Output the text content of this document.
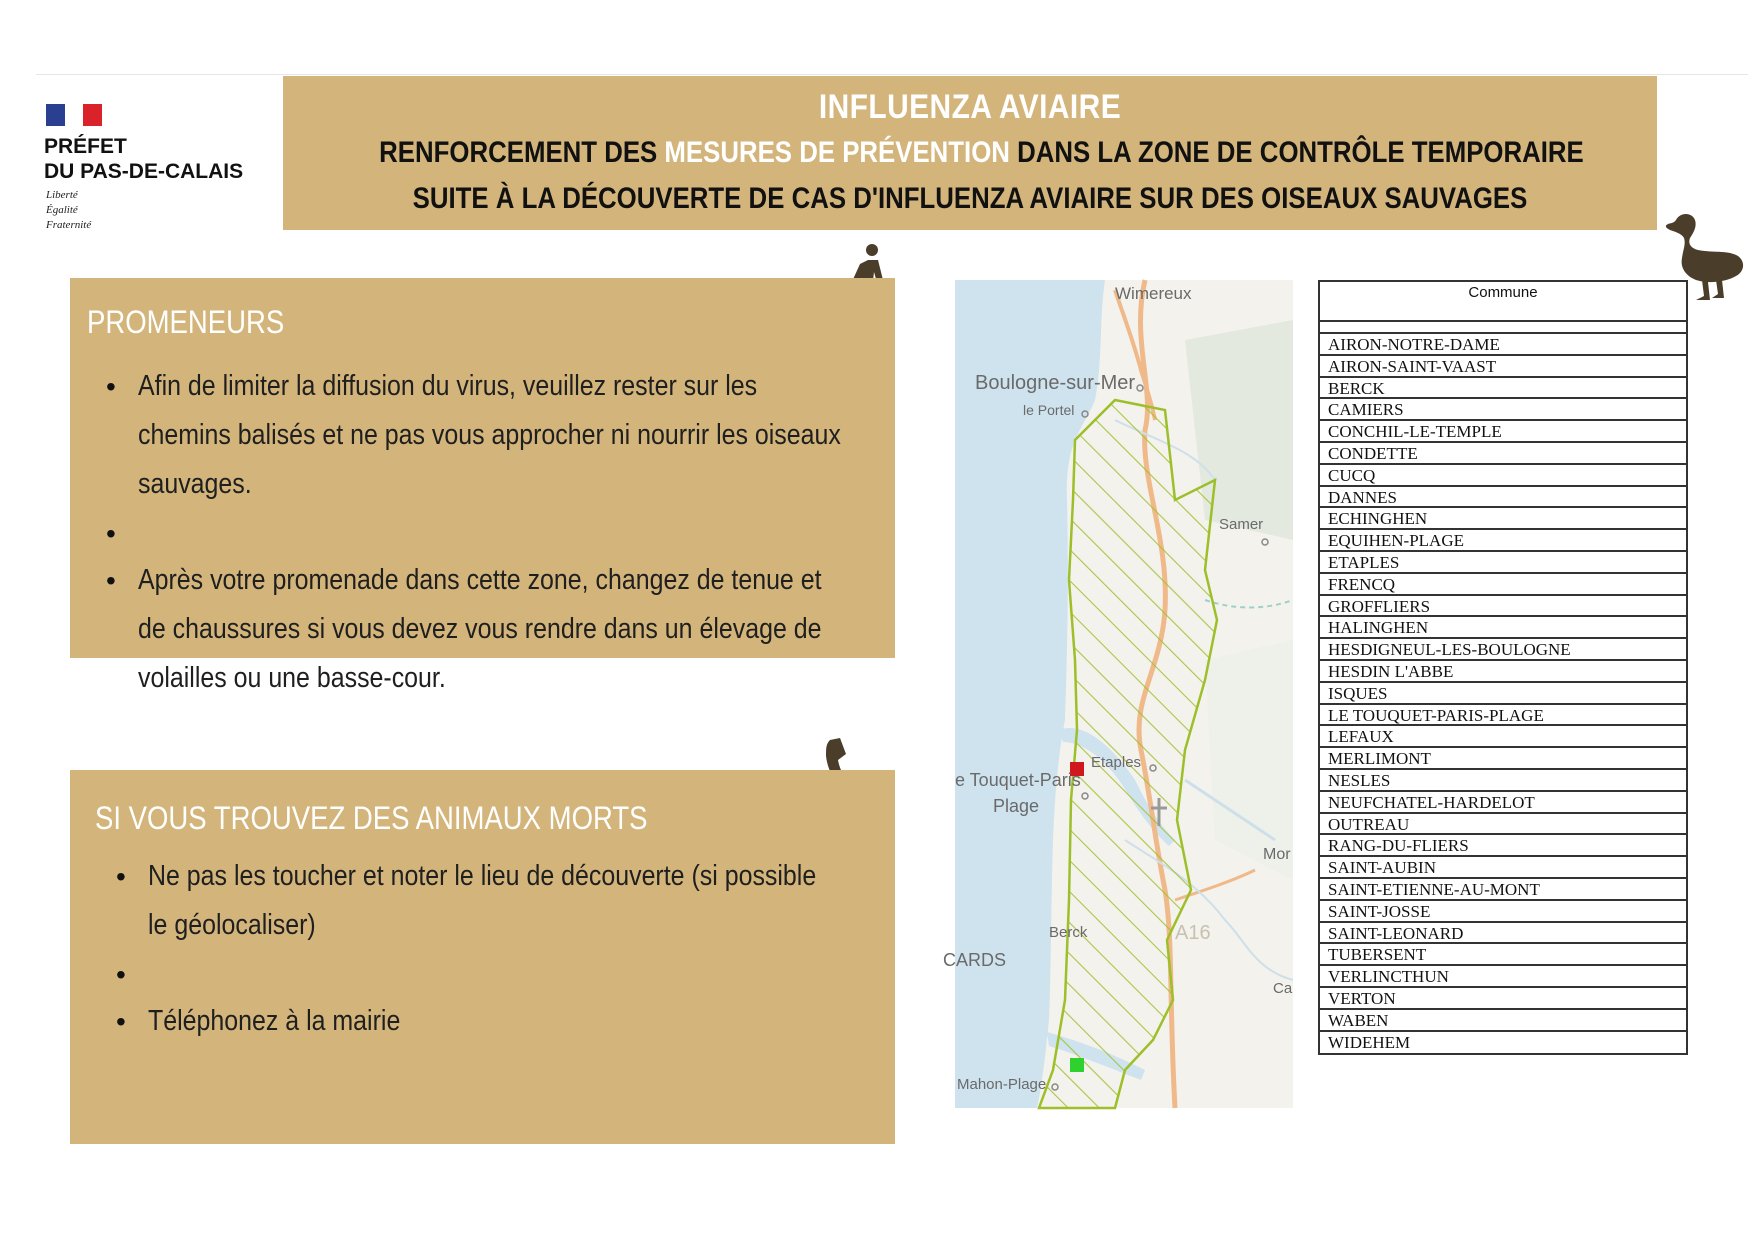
PRÉFET
DU PAS-DE-CALAIS
Liberté
Égalité
Fraternité
INFLUENZA AVIAIRE
RENFORCEMENT DES MESURES DE PRÉVENTION DANS LA ZONE DE CONTRÔLE TEMPORAIRE
SUITE À LA DÉCOUVERTE DE CAS D'INFLUENZA AVIAIRE SUR DES OISEAUX SAUVAGES
PROMENEURS
• Afin de limiter la diffusion du virus, veuillez rester sur les chemins balisés et ne pas vous approcher ni nourrir les oiseaux sauvages.
•
• Après votre promenade dans cette zone, changez de tenue et de chaussures si vous devez vous rendre dans un élevage de volailles ou une basse-cour.
SI VOUS TROUVEZ DES ANIMAUX MORTS
• Ne pas les toucher et noter le lieu de découverte (si possible le géolocaliser)
•
• Téléphonez à la mairie
Wimereux
Boulogne-sur-Mer
le Portel
Samer
Etaples
e Touquet-Paris
Plage
Mor
Berck
CARDS
A16
Ca
Mahon-Plage
Commune
AIRON-NOTRE-DAME
AIRON-SAINT-VAAST
BERCK
CAMIERS
CONCHIL-LE-TEMPLE
CONDETTE
CUCQ
DANNES
ECHINGHEN
EQUIHEN-PLAGE
ETAPLES
FRENCQ
GROFFLIERS
HALINGHEN
HESDIGNEUL-LES-BOULOGNE
HESDIN L'ABBE
ISQUES
LE TOUQUET-PARIS-PLAGE
LEFAUX
MERLIMONT
NESLES
NEUFCHATEL-HARDELOT
OUTREAU
RANG-DU-FLIERS
SAINT-AUBIN
SAINT-ETIENNE-AU-MONT
SAINT-JOSSE
SAINT-LEONARD
TUBERSENT
VERLINCTHUN
VERTON
WABEN
WIDEHEM
